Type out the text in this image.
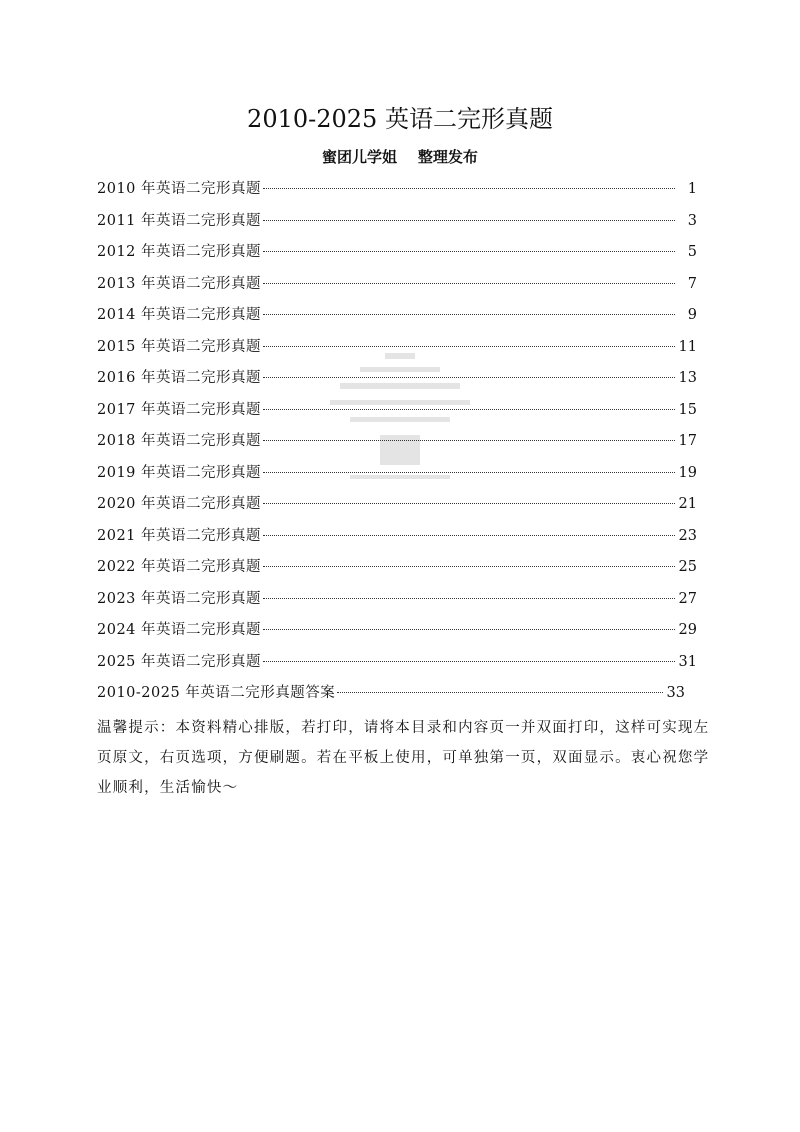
2010-2025 英语二完形真题
蜜团儿学姐    整理发布
2010 年英语二完形真题	1
2011 年英语二完形真题	3
2012 年英语二完形真题	5
2013 年英语二完形真题	7
2014 年英语二完形真题	9
2015 年英语二完形真题	11
2016 年英语二完形真题	13
2017 年英语二完形真题	15
2018 年英语二完形真题	17
2019 年英语二完形真题	19
2020 年英语二完形真题	21
2021 年英语二完形真题	23
2022 年英语二完形真题	25
2023 年英语二完形真题	27
2024 年英语二完形真题	29
2025 年英语二完形真题	31
2010-2025 年英语二完形真题答案	33

温馨提示：本资料精心排版，若打印，请将本目录和内容页一并双面打印，这样可实现左页原文，右页选项，方便刷题。若在平板上使用，可单独第一页，双面显示。衷心祝您学业顺利，生活愉快～
